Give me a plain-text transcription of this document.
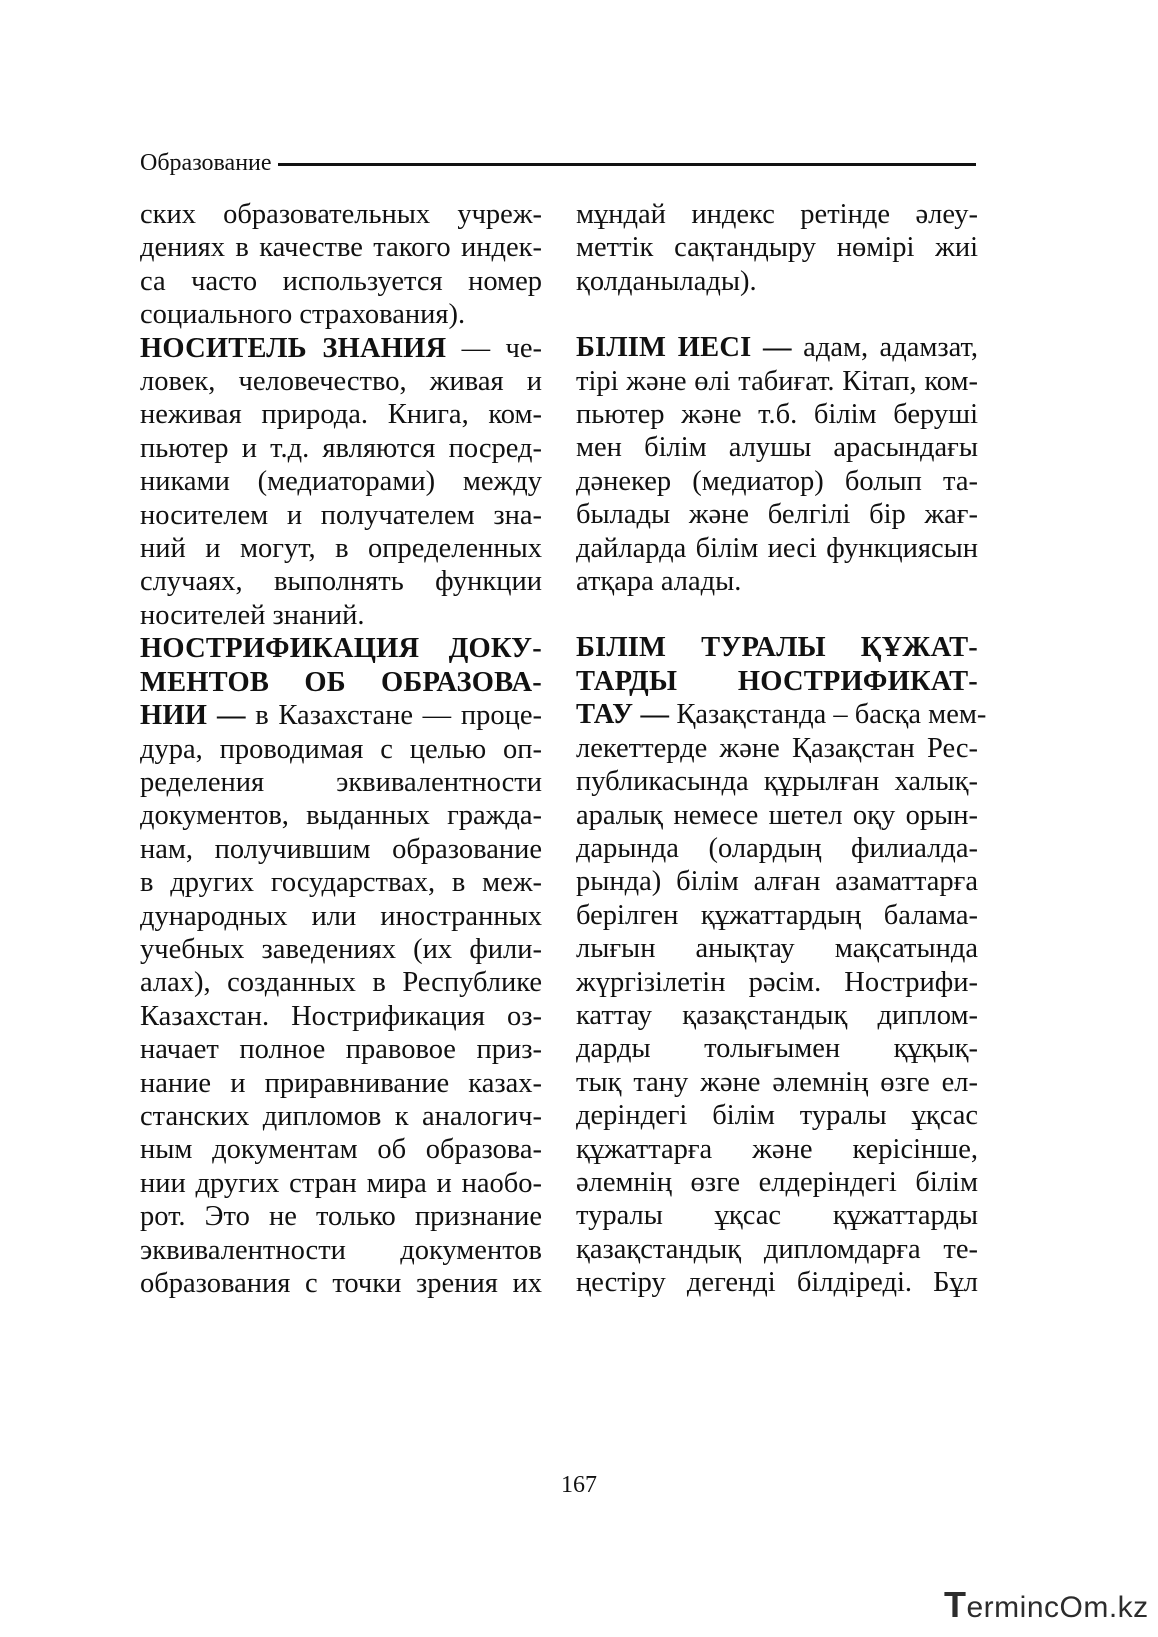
Образование

ских образовательных учреж-

дениях в качестве такого индек-

са часто используется номер

социального страхования).

НОСИТЕЛЬ ЗНАНИЯ — че-

ловек, человечество, живая и

неживая природа. Книга, ком-

пьютер и т.д. являются посред-

никами (медиаторами) между

носителем и получателем зна-

ний и могут, в определенных

случаях, выполнять функции

носителей знаний.

НОСТРИФИКАЦИЯ ДОКУ-

МЕНТОВ ОБ ОБРАЗОВА-

НИИ — в Казахстане — проце-

дура, проводимая с целью оп-

ределения эквивалентности

документов, выданных гражда-

нам, получившим образование

в других государствах, в меж-

дународных или иностранных

учебных заведениях (их фили-

алах), созданных в Республике

Казахстан. Нострификация оз-

начает полное правовое приз-

нание и приравнивание казах-

станских дипломов к аналогич-

ным документам об образова-

нии других стран мира и наобо-

рот. Это не только признание

эквивалентности документов

образования с точки зрения их

мұндай индекс ретінде әлеу-

меттік сақтандыру нөмірі жиі

қолданылады).

БІЛІМ ИЕСІ — адам, адамзат,

тірі және өлі табиғат. Кітап, ком-

пьютер және т.б. білім беруші

мен білім алушы арасындағы

дәнекер (медиатор) болып та-

былады және белгілі бір жағ-

дайларда білім иесі функциясын

атқара алады.

БІЛІМ ТУРАЛЫ ҚҰЖАТ-

ТАРДЫ НОСТРИФИКАТ-

ТАУ — Қазақстанда – басқа мем-

лекеттерде және Қазақстан Рес-

публикасында құрылған халық-

аралық немесе шетел оқу орын-

дарында (олардың филиалда-

рында) білім алған азаматтарға

берілген құжаттардың балама-

лығын анықтау мақсатында

жүргізілетін рәсім. Нострифи-

каттау қазақстандық диплом-

дарды толығымен құқық-

тық тану және әлемнің өзге ел-

деріндегі білім туралы ұқсас

құжаттарға және керісінше,

әлемнің өзге елдеріндегі білім

туралы ұқсас құжаттарды

қазақстандық дипломдарға те-

ңестіру дегенді білдіреді. Бұл

167
TermincOm.kz
